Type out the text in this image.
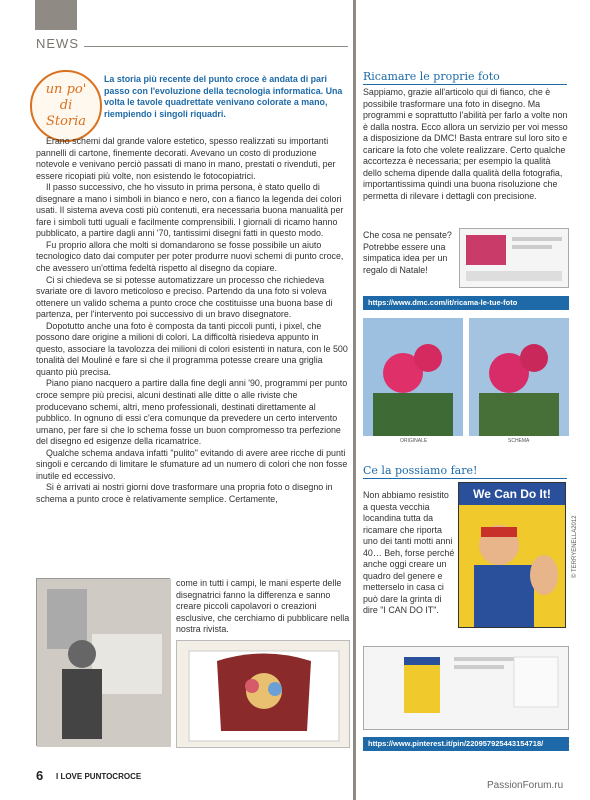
NEWS
un po'
di
Storia
La storia più recente del punto croce è andata di pari passo con l'evoluzione della tecnologia informatica. Una volta le tavole quadrettate venivano colorate a mano, riempiendo i singoli riquadri.

Erano schemi dal grande valore estetico, spesso realizzati su importanti pannelli di cartone, finemente decorati. Avevano un costo di produzione notevole e venivano perciò passati di mano in mano, prestati o rivenduti, per essere ricopiati più volte, non esistendo le fotocopiatrici.

Il passo successivo, che ho vissuto in prima persona, è stato quello di disegnare a mano i simboli in bianco e nero, con a fianco la legenda dei colori usati. Il sistema aveva costi più contenuti, era necessaria buona manualità per fare i simboli tutti uguali e facilmente comprensibili. I giornali di ricamo hanno pubblicato, a partire dagli anni '70, tantissimi disegni fatti in questo modo.

Fu proprio allora che molti si domandarono se fosse possibile un aiuto tecnologico dato dai computer per poter produrre nuovi schemi di punto croce, che avessero un'ottima fedeltà rispetto al disegno da copiare.

Ci si chiedeva se si potesse automatizzare un processo che richiedeva svariate ore di lavoro meticoloso e preciso. Partendo da una foto si voleva ottenere un valido schema a punto croce che costituisse una buona base di partenza, per l'intervento poi successivo di un bravo disegnatore.

Dopotutto anche una foto è composta da tanti piccoli punti, i pixel, che possono dare origine a milioni di colori. La difficoltà risiedeva appunto in questo, associare la tavolozza dei milioni di colori esistenti in natura, con le 500 tonalità del Mouliné e fare sì che il programma potesse creare una griglia quanto più precisa.

Piano piano nacquero a partire dalla fine degli anni '90, programmi per punto croce sempre più precisi, alcuni destinati alle ditte o alle riviste che producevano schemi, altri, meno professionali, destinati direttamente al pubblico. In ognuno di essi c'era comunque da prevedere un certo intervento umano, per fare sì che lo schema fosse un buon compromesso tra perfezione del disegno ed esigenze della ricamatrice.

Qualche schema andava infatti "pulito" evitando di avere aree ricche di punti singoli e cercando di limitare le sfumature ad un numero di colori che non fosse inutile ed eccessivo.

Si è arrivati ai nostri giorni dove trasformare una propria foto o disegno in schema a punto croce è relativamente semplice. Certamente,

come in tutti i campi, le mani esperte delle disegnatrici fanno la differenza e sanno creare piccoli capolavori o creazioni esclusive, che cerchiamo di pubblicare nella nostra rivista.
6 I LOVE PUNTOCROCE
Ricamare le proprie foto
Sappiamo, grazie all'articolo qui di fianco, che è possibile trasformare una foto in disegno. Ma programmi e soprattutto l'abilità per farlo a volte non è dalla nostra. Ecco allora un servizio per voi messo a disposizione da DMC! Basta entrare sul loro sito e caricare la foto che volete realizzare. Certo qualche accortezza è necessaria; per esempio la qualità dello schema dipende dalla qualità della fotografia, importantissima quindi una buona risoluzione che permetta di rilevare i dettagli con precisione.
Che cosa ne pensate? Potrebbe essere una simpatica idea per un regalo di Natale!
https://www.dmc.com/it/ricama-le-tue-foto
ORIGINALE	SCHEMA
Ce la possiamo fare!
Non abbiamo resistito a questa vecchia locandina tutta da ricamare che riporta uno dei tanti motti anni 40… Beh, forse perché anche oggi creare un quadro del genere e metterselo in casa ci può dare la grinta di dire "I CAN DO IT".
We Can Do It!
© TERRYENELLA2012
https://www.pinterest.it/pin/220957925443154718/
PassionForum.ru
